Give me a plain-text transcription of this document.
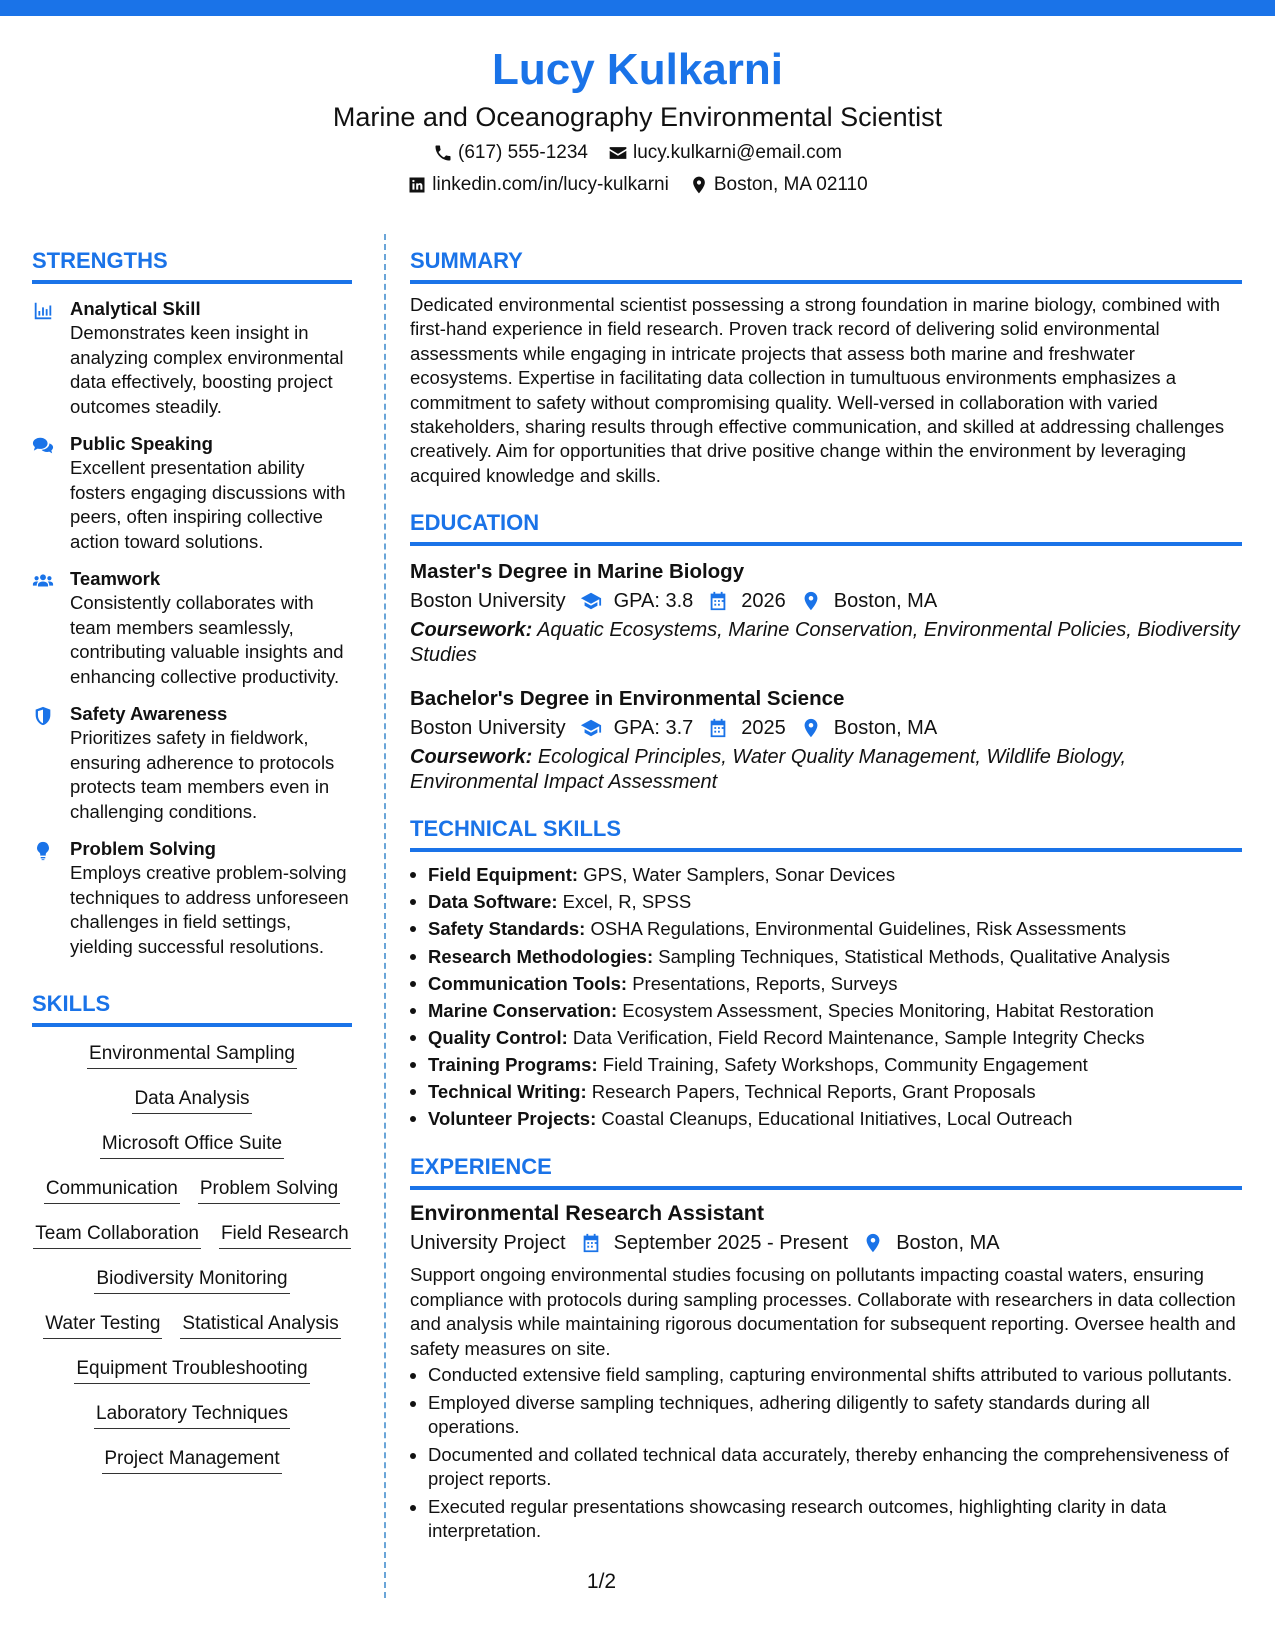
Lucy Kulkarni
Marine and Oceanography Environmental Scientist
(617) 555-1234 lucy.kulkarni@email.com
linkedin.com/in/lucy-kulkarni Boston, MA 02110
STRENGTHS
Analytical Skill
Demonstrates keen insight in analyzing complex environmental data effectively, boosting project outcomes steadily.
Public Speaking
Excellent presentation ability fosters engaging discussions with peers, often inspiring collective action toward solutions.
Teamwork
Consistently collaborates with team members seamlessly, contributing valuable insights and enhancing collective productivity.
Safety Awareness
Prioritizes safety in fieldwork, ensuring adherence to protocols protects team members even in challenging conditions.
Problem Solving
Employs creative problem-solving techniques to address unforeseen challenges in field settings, yielding successful resolutions.
SKILLS
Environmental Sampling
Data Analysis
Microsoft Office Suite
Communication Problem Solving
Team Collaboration Field Research
Biodiversity Monitoring
Water Testing Statistical Analysis
Equipment Troubleshooting
Laboratory Techniques
Project Management
SUMMARY
Dedicated environmental scientist possessing a strong foundation in marine biology, combined with first-hand experience in field research. Proven track record of delivering solid environmental assessments while engaging in intricate projects that assess both marine and freshwater ecosystems. Expertise in facilitating data collection in tumultuous environments emphasizes a commitment to safety without compromising quality. Well-versed in collaboration with varied stakeholders, sharing results through effective communication, and skilled at addressing challenges creatively. Aim for opportunities that drive positive change within the environment by leveraging acquired knowledge and skills.
EDUCATION
Master's Degree in Marine Biology
Boston University GPA: 3.8 2026 Boston, MA
Coursework: Aquatic Ecosystems, Marine Conservation, Environmental Policies, Biodiversity Studies
Bachelor's Degree in Environmental Science
Boston University GPA: 3.7 2025 Boston, MA
Coursework: Ecological Principles, Water Quality Management, Wildlife Biology, Environmental Impact Assessment
TECHNICAL SKILLS
Field Equipment: GPS, Water Samplers, Sonar Devices
Data Software: Excel, R, SPSS
Safety Standards: OSHA Regulations, Environmental Guidelines, Risk Assessments
Research Methodologies: Sampling Techniques, Statistical Methods, Qualitative Analysis
Communication Tools: Presentations, Reports, Surveys
Marine Conservation: Ecosystem Assessment, Species Monitoring, Habitat Restoration
Quality Control: Data Verification, Field Record Maintenance, Sample Integrity Checks
Training Programs: Field Training, Safety Workshops, Community Engagement
Technical Writing: Research Papers, Technical Reports, Grant Proposals
Volunteer Projects: Coastal Cleanups, Educational Initiatives, Local Outreach
EXPERIENCE
Environmental Research Assistant
University Project September 2025 - Present Boston, MA
Support ongoing environmental studies focusing on pollutants impacting coastal waters, ensuring compliance with protocols during sampling processes. Collaborate with researchers in data collection and analysis while maintaining rigorous documentation for subsequent reporting. Oversee health and safety measures on site.
Conducted extensive field sampling, capturing environmental shifts attributed to various pollutants.
Employed diverse sampling techniques, adhering diligently to safety standards during all operations.
Documented and collated technical data accurately, thereby enhancing the comprehensiveness of project reports.
Executed regular presentations showcasing research outcomes, highlighting clarity in data interpretation.
1/2
